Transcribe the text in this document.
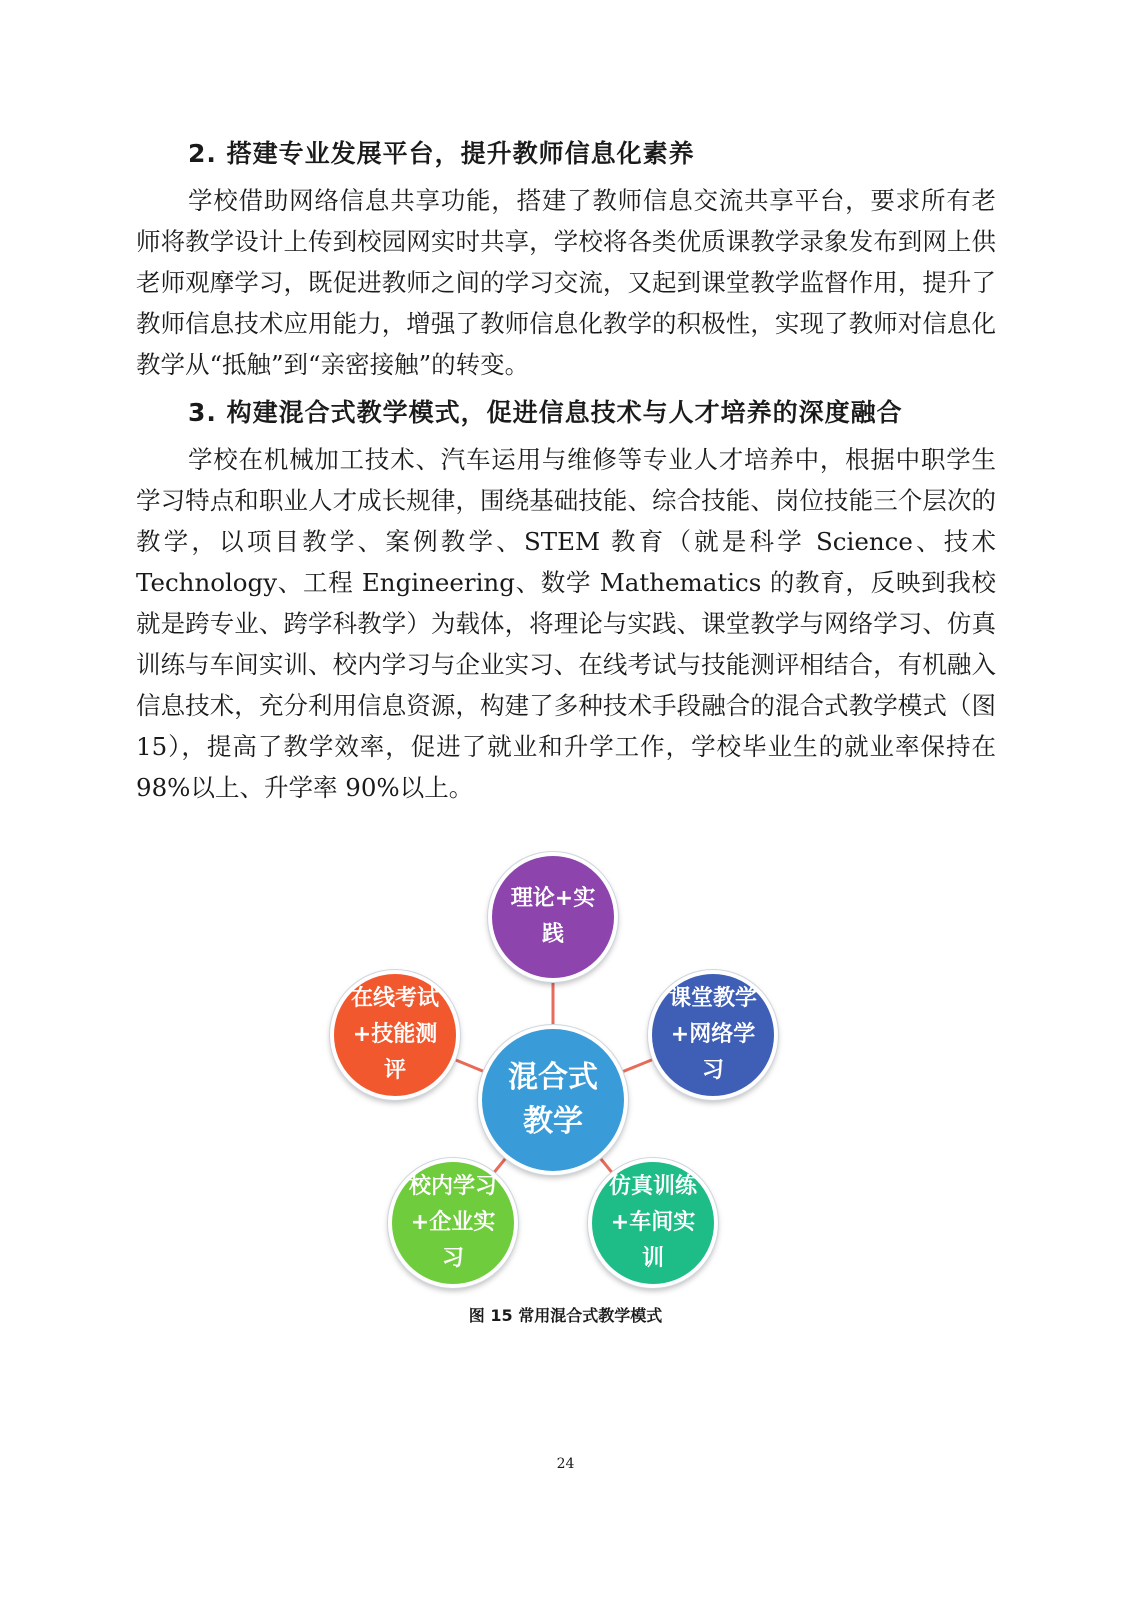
2. 搭建专业发展平台，提升教师信息化素养

学校借助网络信息共享功能，搭建了教师信息交流共享平台，要求所有老师将教学设计上传到校园网实时共享，学校将各类优质课教学录象发布到网上供老师观摩学习，既促进教师之间的学习交流，又起到课堂教学监督作用，提升了教师信息技术应用能力，增强了教师信息化教学的积极性，实现了教师对信息化教学从“抵触”到“亲密接触”的转变。

3. 构建混合式教学模式，促进信息技术与人才培养的深度融合

学校在机械加工技术、汽车运用与维修等专业人才培养中，根据中职学生学习特点和职业人才成长规律，围绕基础技能、综合技能、岗位技能三个层次的教学，以项目教学、案例教学、STEM 教育（就是科学 Science、技术 Technology、工程 Engineering、数学 Mathematics 的教育，反映到我校就是跨专业、跨学科教学）为载体，将理论与实践、课堂教学与网络学习、仿真训练与车间实训、校内学习与企业实习、在线考试与技能测评相结合，有机融入信息技术，充分利用信息资源，构建了多种技术手段融合的混合式教学模式（图 15），提高了教学效率，促进了就业和升学工作，学校毕业生的就业率保持在 98%以上、升学率 90%以上。

混合式教学
理论+实践
课堂教学+网络学习
仿真训练+车间实训
校内学习+企业实习
在线考试+技能测评
图 15 常用混合式教学模式
24
